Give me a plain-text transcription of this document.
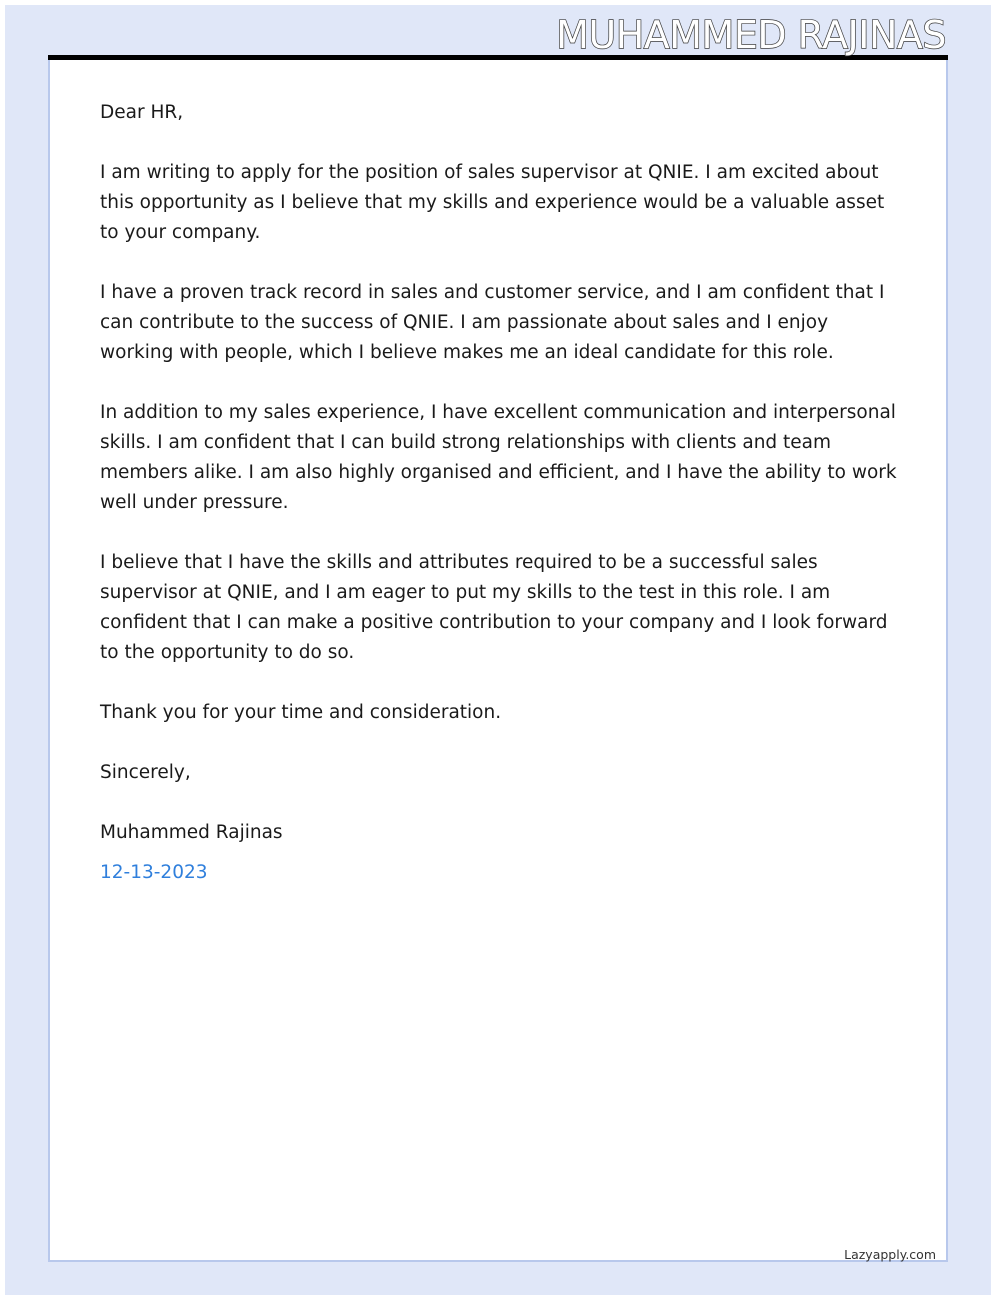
MUHAMMED RAJINAS

Dear HR,

I am writing to apply for the position of sales supervisor at QNIE. I am excited about this opportunity as I believe that my skills and experience would be a valuable asset to your company.

I have a proven track record in sales and customer service, and I am confident that I can contribute to the success of QNIE. I am passionate about sales and I enjoy working with people, which I believe makes me an ideal candidate for this role.

In addition to my sales experience, I have excellent communication and interpersonal skills. I am confident that I can build strong relationships with clients and team members alike. I am also highly organised and efficient, and I have the ability to work well under pressure.

I believe that I have the skills and attributes required to be a successful sales supervisor at QNIE, and I am eager to put my skills to the test in this role. I am confident that I can make a positive contribution to your company and I look forward to the opportunity to do so.

Thank you for your time and consideration.

Sincerely,

Muhammed Rajinas

12-13-2023
Lazyapply.com
